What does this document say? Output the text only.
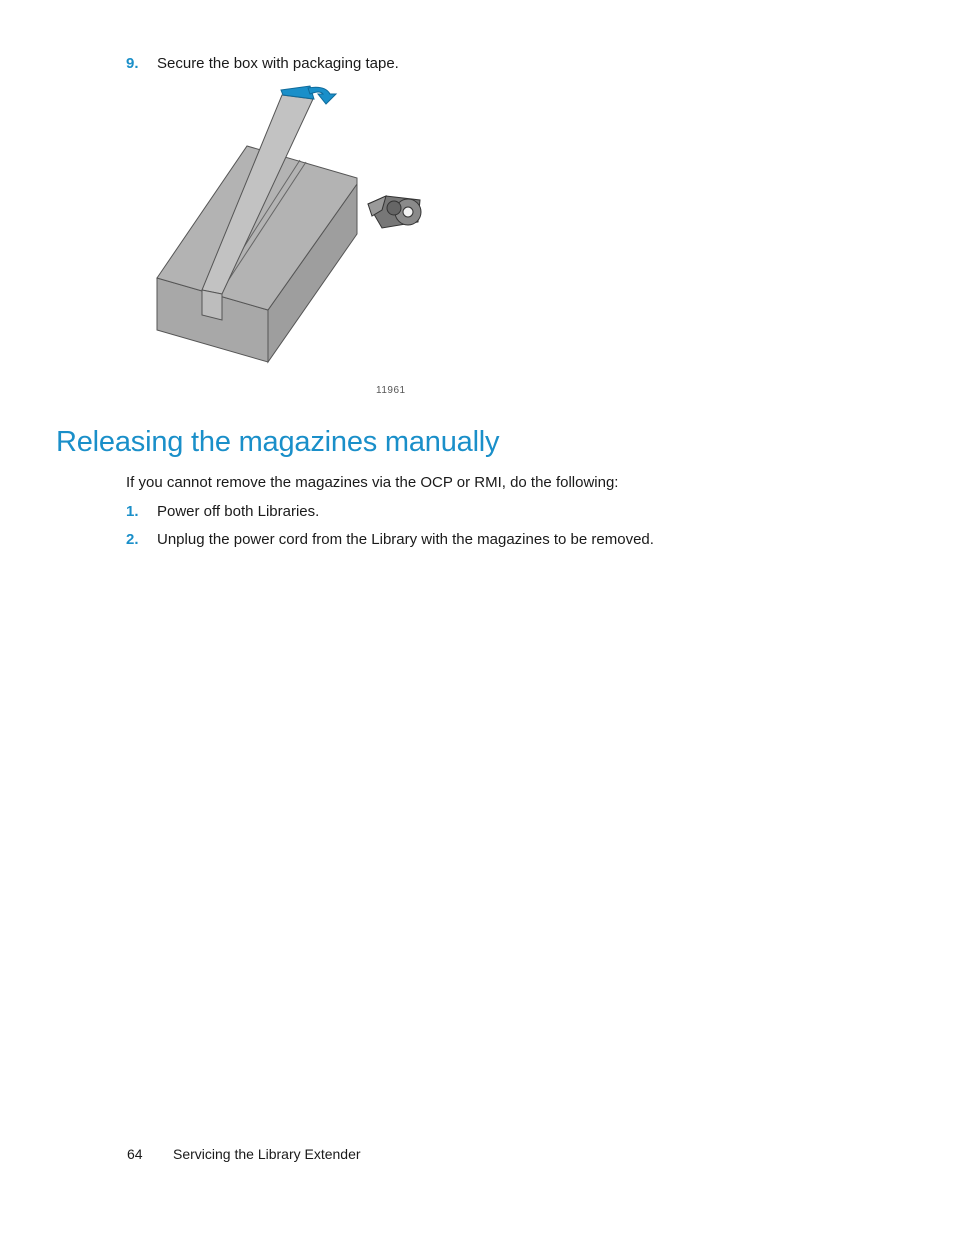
9. Secure the box with packaging tape.
11961
Releasing the magazines manually
If you cannot remove the magazines via the OCP or RMI, do the following:
1. Power off both Libraries.
2. Unplug the power cord from the Library with the magazines to be removed.
64 Servicing the Library Extender
